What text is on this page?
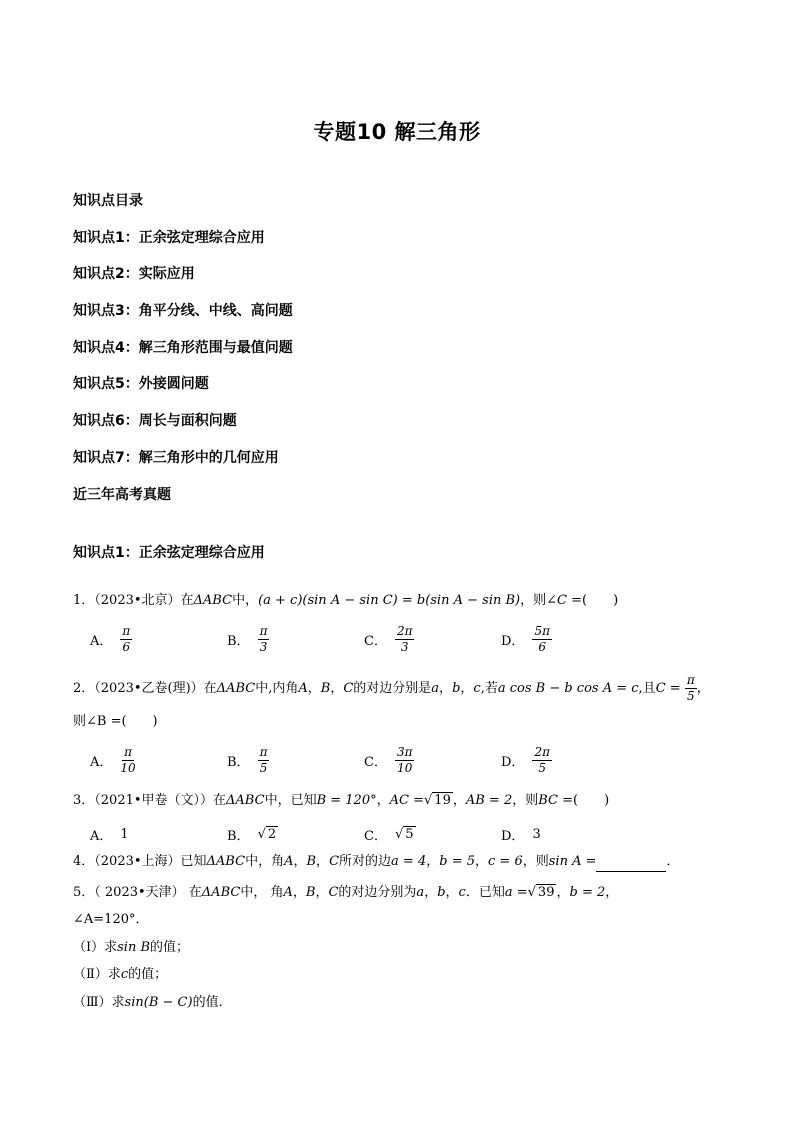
专题10 解三角形
知识点目录
知识点1：正余弦定理综合应用
知识点2：实际应用
知识点3：角平分线、中线、高问题
知识点4：解三角形范围与最值问题
知识点5：外接圆问题
知识点6：周长与面积问题
知识点7：解三角形中的几何应用
近三年高考真题
知识点1：正余弦定理综合应用
1．（2023•北京）在ΔABC中，(a + c)(sin A − sin C) = b(sin A − sin B)，则∠C =(　　)
A． $\frac{\pi}{6}$	B． $\frac{\pi}{3}$	C． $\frac{2\pi}{3}$	D． $\frac{5\pi}{6}$
2．（2023•乙卷(理)）在ΔABC中,内角A，B，C的对边分别是a，b，c,若a cos B − b cos A = c,且$C = \frac{\pi}{5}$ ，
则∠B =(　　)
A． $\frac{\pi}{10}$	B． $\frac{\pi}{5}$	C． $\frac{3\pi}{10}$	D． $\frac{2\pi}{5}$
3．（2021•甲卷（文））在ΔABC中，已知B = 120°，AC =√ 19 ，AB = 2，则BC =(　　)
A． 1	B． √ 2	C． √ 5	D． 3
4．（2023•上海）已知ΔABC中，角A，B，C所对的边a = 4，b = 5，c = 6，则sin A =	．
5．（ 2023•天津） 在ΔABC中， 角A，B，C的对边分别为a，b，c．已知a =√ 39 ，b = 2，
∠A=120°．
（Ⅰ）求sin B的值；
（Ⅱ）求c的值；
（Ⅲ）求sin(B − C)的值．
